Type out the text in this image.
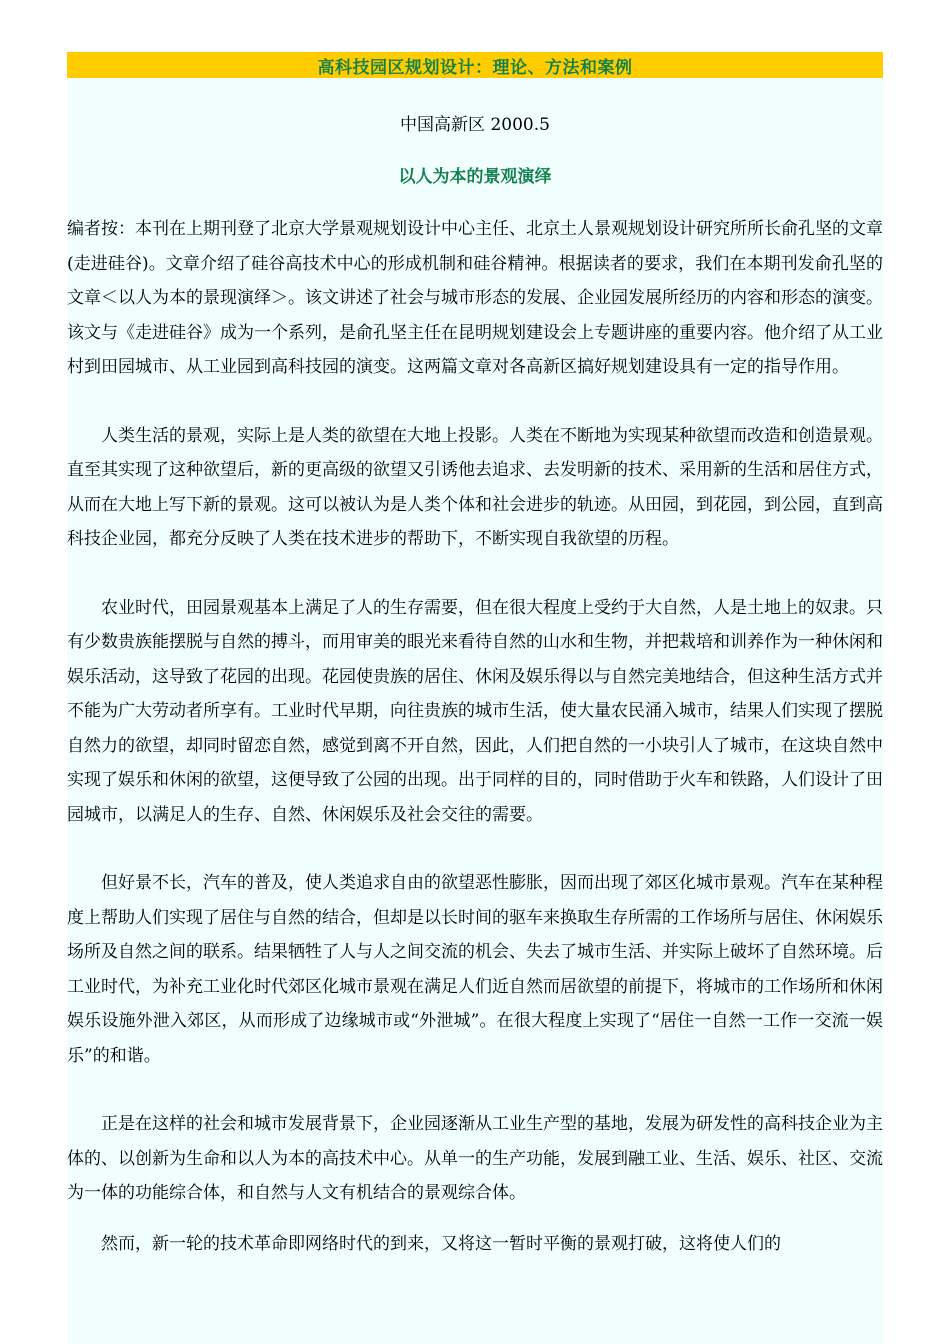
高科技园区规划设计：理论、方法和案例
中国高新区 2000.5
以人为本的景观演绎

编者按：本刊在上期刊登了北京大学景观规划设计中心主任、北京土人景观规划设计研究所所长俞孔坚的文章(走进硅谷)。文章介绍了硅谷高技术中心的形成机制和硅谷精神。根据读者的要求，我们在本期刊发俞孔坚的文章＜以人为本的景现演绎＞。该文讲述了社会与城市形态的发展、企业园发展所经历的内容和形态的演变。该文与《走进硅谷》成为一个系列，是俞孔坚主任在昆明规划建设会上专题讲座的重要内容。他介绍了从工业村到田园城市、从工业园到高科技园的演变。这两篇文章对各高新区搞好规划建设具有一定的指导作用。

人类生活的景观，实际上是人类的欲望在大地上投影。人类在不断地为实现某种欲望而改造和创造景观。直至其实现了这种欲望后，新的更高级的欲望又引诱他去追求、去发明新的技术、采用新的生活和居住方式，从而在大地上写下新的景观。这可以被认为是人类个体和社会进步的轨迹。从田园，到花园，到公园，直到高科技企业园，都充分反映了人类在技术进步的帮助下，不断实现自我欲望的历程。

农业时代，田园景观基本上满足了人的生存需要，但在很大程度上受约于大自然，人是土地上的奴隶。只有少数贵族能摆脱与自然的搏斗，而用审美的眼光来看待自然的山水和生物，并把栽培和训养作为一种休闲和娱乐活动，这导致了花园的出现。花园使贵族的居住、休闲及娱乐得以与自然完美地结合，但这种生活方式并不能为广大劳动者所享有。工业时代早期，向往贵族的城市生活，使大量农民涌入城市，结果人们实现了摆脱自然力的欲望，却同时留恋自然，感觉到离不开自然，因此，人们把自然的一小块引人了城市，在这块自然中实现了娱乐和休闲的欲望，这便导致了公园的出现。出于同样的目的，同时借助于火车和铁路，人们设计了田园城市，以满足人的生存、自然、休闲娱乐及社会交往的需要。

但好景不长，汽车的普及，使人类追求自由的欲望恶性膨胀，因而出现了郊区化城市景观。汽车在某种程度上帮助人们实现了居住与自然的结合，但却是以长时间的驱车来换取生存所需的工作场所与居住、休闲娱乐场所及自然之间的联系。结果牺牲了人与人之间交流的机会、失去了城市生活、并实际上破坏了自然环境。后工业时代，为补充工业化时代郊区化城市景观在满足人们近自然而居欲望的前提下，将城市的工作场所和休闲娱乐设施外泄入郊区，从而形成了边缘城市或“外泄城”。在很大程度上实现了“居住一自然一工作一交流一娱乐”的和谐。

正是在这样的社会和城市发展背景下，企业园逐渐从工业生产型的基地，发展为研发性的高科技企业为主体的、以创新为生命和以人为本的高技术中心。从单一的生产功能，发展到融工业、生活、娱乐、社区、交流为一体的功能综合体，和自然与人文有机结合的景观综合体。

然而，新一轮的技术革命即网络时代的到来，又将这一暂时平衡的景观打破，这将使人们的
